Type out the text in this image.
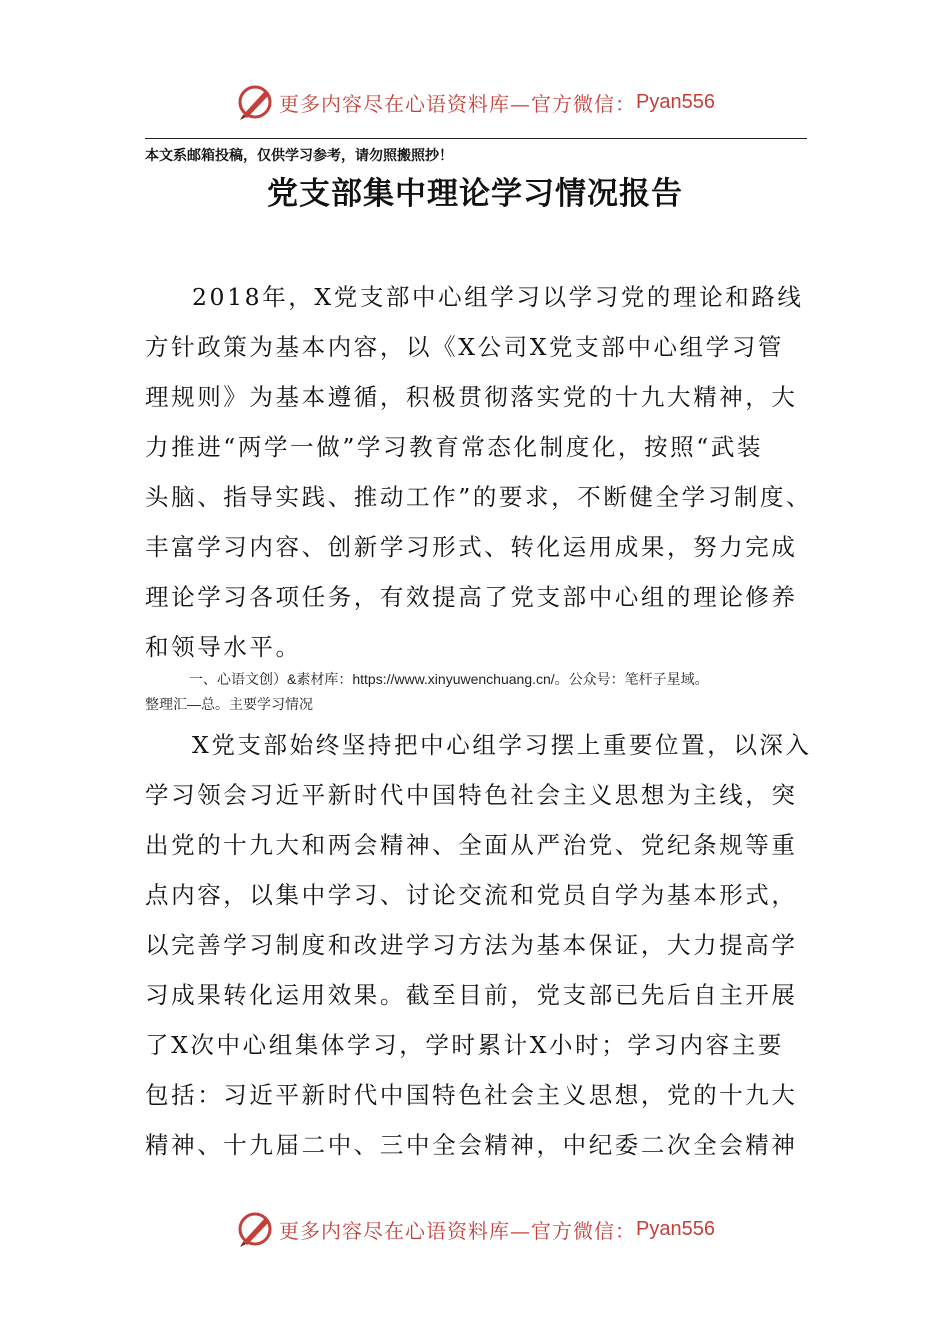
更多内容尽在心语资料库—官方微信： Pyan556
本文系邮箱投稿，仅供学习参考，请勿照搬照抄！
党支部集中理论学习情况报告
2018年，X党支部中心组学习以学习党的理论和路线
方针政策为基本内容，以《X公司X党支部中心组学习管
理规则》为基本遵循，积极贯彻落实党的十九大精神，大
力推进“两学一做”学习教育常态化制度化，按照“武装
头脑、指导实践、推动工作”的要求，不断健全学习制度、
丰富学习内容、创新学习形式、转化运用成果，努力完成
理论学习各项任务，有效提高了党支部中心组的理论修养
和领导水平。
一、心语文创）&素材库：https://www.xinyuwenchuang.cn/。公众号：笔杆子星域。
整理汇—总。主要学习情况
X党支部始终坚持把中心组学习摆上重要位置，以深入
学习领会习近平新时代中国特色社会主义思想为主线，突
出党的十九大和两会精神、全面从严治党、党纪条规等重
点内容，以集中学习、讨论交流和党员自学为基本形式，
以完善学习制度和改进学习方法为基本保证，大力提高学
习成果转化运用效果。截至目前，党支部已先后自主开展
了X次中心组集体学习，学时累计X小时；学习内容主要
包括：习近平新时代中国特色社会主义思想，党的十九大
精神、十九届二中、三中全会精神，中纪委二次全会精神
更多内容尽在心语资料库—官方微信： Pyan556
